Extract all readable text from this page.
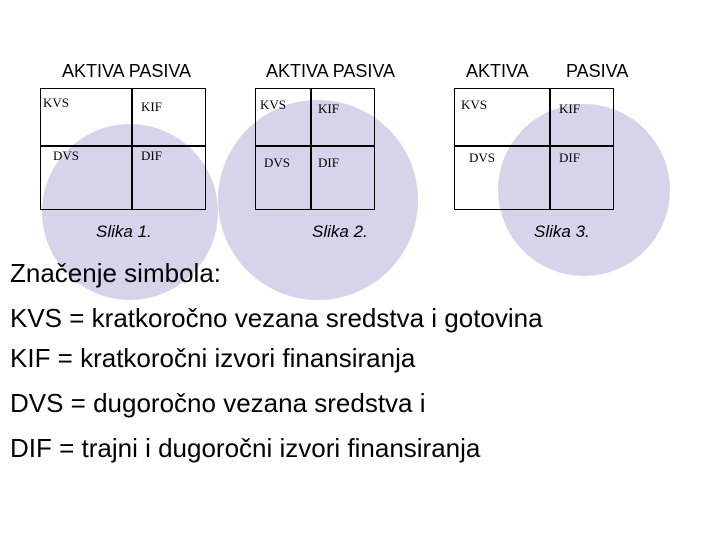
AKTIVA PASIVA
KVS	KIF
DVS	DIF
Slika 1.
AKTIVA PASIVA
KVS KIF
DVS DIF
Slika 2.
AKTIVA PASIVA
KVS	KIF
DVS	DIF
Slika 3.
Značenje simbola:
KVS = kratkoročno vezana sredstva i gotovina
KIF = kratkoročni izvori finansiranja
DVS = dugoročno vezana sredstva i
DIF = trajni i dugoročni izvori finansiranja
